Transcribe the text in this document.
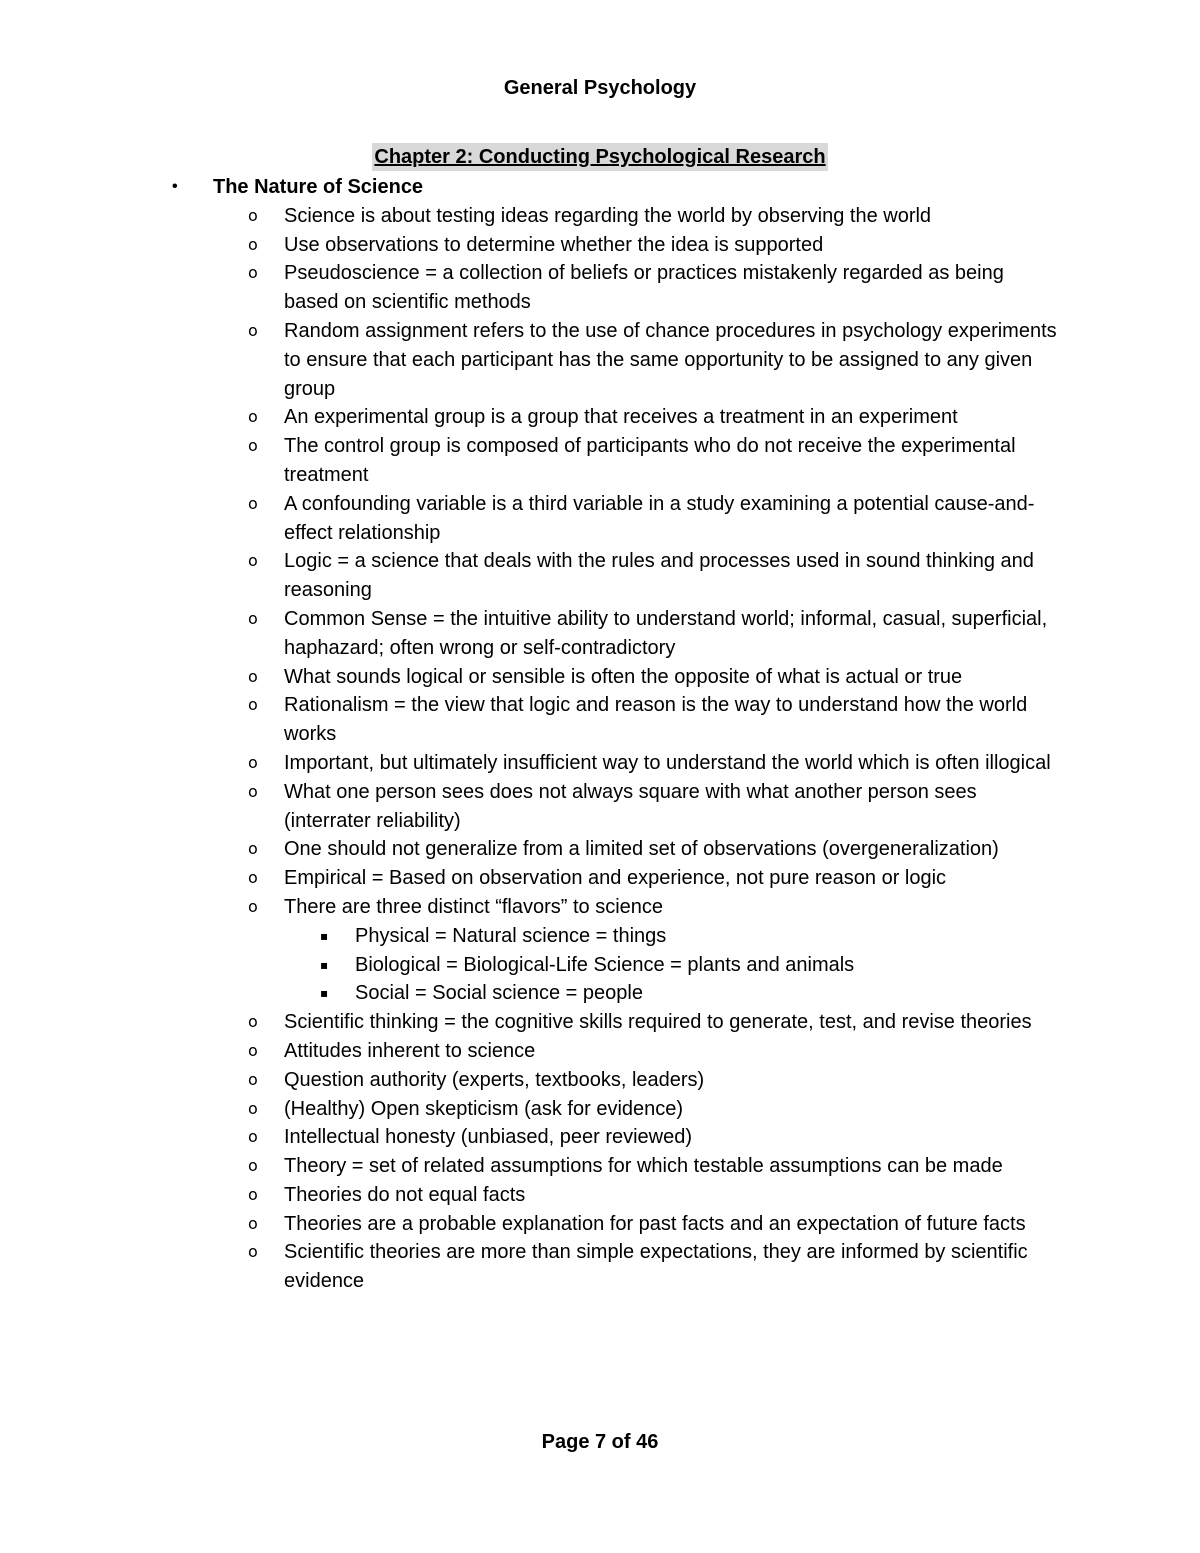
General Psychology
Chapter 2: Conducting Psychological Research
• The Nature of Science
o Science is about testing ideas regarding the world by observing the world
o Use observations to determine whether the idea is supported
o Pseudoscience = a collection of beliefs or practices mistakenly regarded as being based on scientific methods
o Random assignment refers to the use of chance procedures in psychology experiments to ensure that each participant has the same opportunity to be assigned to any given group
o An experimental group is a group that receives a treatment in an experiment
o The control group is composed of participants who do not receive the experimental treatment
o A confounding variable is a third variable in a study examining a potential cause-and-effect relationship
o Logic = a science that deals with the rules and processes used in sound thinking and reasoning
o Common Sense = the intuitive ability to understand world; informal, casual, superficial, haphazard; often wrong or self-contradictory
o What sounds logical or sensible is often the opposite of what is actual or true
o Rationalism = the view that logic and reason is the way to understand how the world works
o Important, but ultimately insufficient way to understand the world which is often illogical
o What one person sees does not always square with what another person sees (interrater reliability)
o One should not generalize from a limited set of observations (overgeneralization)
o Empirical = Based on observation and experience, not pure reason or logic
o There are three distinct “flavors” to science
▪ Physical = Natural science = things
▪ Biological = Biological-Life Science = plants and animals
▪ Social = Social science = people
o Scientific thinking = the cognitive skills required to generate, test, and revise theories
o Attitudes inherent to science
o Question authority (experts, textbooks, leaders)
o (Healthy) Open skepticism (ask for evidence)
o Intellectual honesty (unbiased, peer reviewed)
o Theory = set of related assumptions for which testable assumptions can be made
o Theories do not equal facts
o Theories are a probable explanation for past facts and an expectation of future facts
o Scientific theories are more than simple expectations, they are informed by scientific evidence
Page 7 of 46
